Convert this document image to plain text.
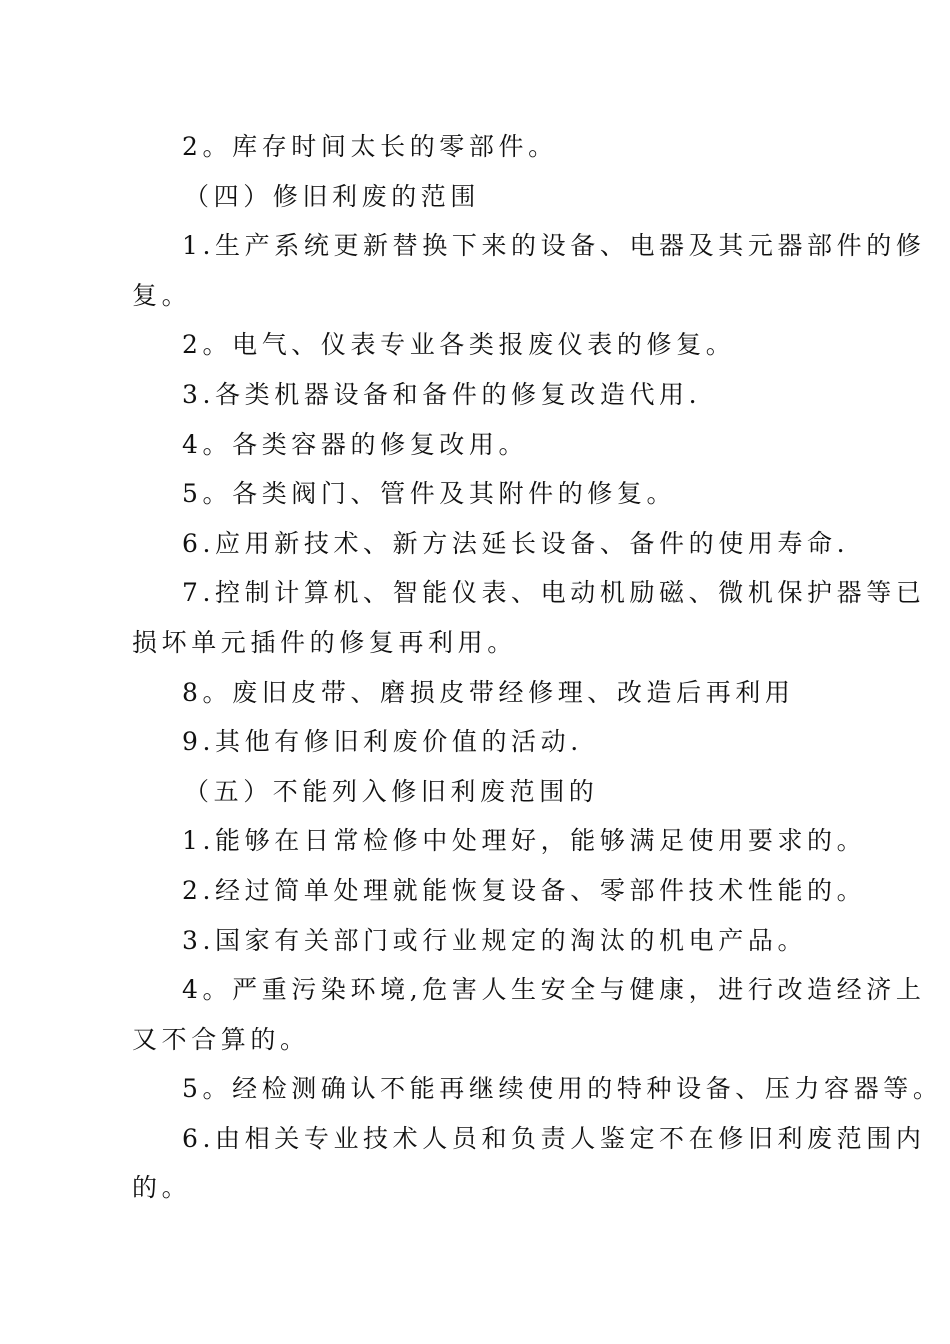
2。库存时间太长的零部件。
（四）修旧利废的范围
1.生产系统更新替换下来的设备、电器及其元器部件的修
复。
2。电气、仪表专业各类报废仪表的修复。
3.各类机器设备和备件的修复改造代用.
4。各类容器的修复改用。
5。各类阀门、管件及其附件的修复。
6.应用新技术、新方法延长设备、备件的使用寿命.
7.控制计算机、智能仪表、电动机励磁、微机保护器等已
损坏单元插件的修复再利用。
8。废旧皮带、磨损皮带经修理、改造后再利用
9.其他有修旧利废价值的活动.
（五）不能列入修旧利废范围的
1.能够在日常检修中处理好，能够满足使用要求的。
2.经过简单处理就能恢复设备、零部件技术性能的。
3.国家有关部门或行业规定的淘汰的机电产品。
4。严重污染环境,危害人生安全与健康，进行改造经济上
又不合算的。
5。经检测确认不能再继续使用的特种设备、压力容器等。
6.由相关专业技术人员和负责人鉴定不在修旧利废范围内
的。
